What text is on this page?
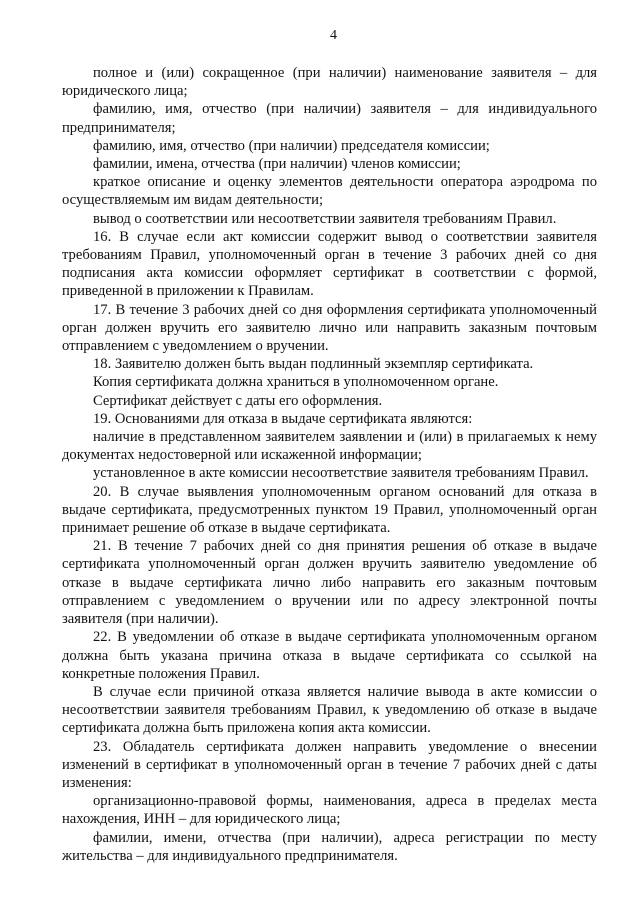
4

полное и (или) сокращенное (при наличии) наименование заявителя – для юридического лица;

фамилию, имя, отчество (при наличии) заявителя – для индивидуального предпринимателя;

фамилию, имя, отчество (при наличии) председателя комиссии;

фамилии, имена, отчества (при наличии) членов комиссии;

краткое описание и оценку элементов деятельности оператора аэродрома по осуществляемым им видам деятельности;

вывод о соответствии или несоответствии заявителя требованиям Правил.

16. В случае если акт комиссии содержит вывод о соответствии заявителя требованиям Правил, уполномоченный орган в течение 3 рабочих дней со дня подписания акта комиссии оформляет сертификат в соответствии с формой, приведенной в приложении к Правилам.

17. В течение 3 рабочих дней со дня оформления сертификата уполномоченный орган должен вручить его заявителю лично или направить заказным почтовым отправлением с уведомлением о вручении.

18. Заявителю должен быть выдан подлинный экземпляр сертификата.

Копия сертификата должна храниться в уполномоченном органе.

Сертификат действует с даты его оформления.

19. Основаниями для отказа в выдаче сертификата являются:

наличие в представленном заявителем заявлении и (или) в прилагаемых к нему документах недостоверной или искаженной информации;

установленное в акте комиссии несоответствие заявителя требованиям Правил.

20. В случае выявления уполномоченным органом оснований для отказа в выдаче сертификата, предусмотренных пунктом 19 Правил, уполномоченный орган принимает решение об отказе в выдаче сертификата.

21. В течение 7 рабочих дней со дня принятия решения об отказе в выдаче сертификата уполномоченный орган должен вручить заявителю уведомление об отказе в выдаче сертификата лично либо направить его заказным почтовым отправлением с уведомлением о вручении или по адресу электронной почты заявителя (при наличии).

22. В уведомлении об отказе в выдаче сертификата уполномоченным органом должна быть указана причина отказа в выдаче сертификата со ссылкой на конкретные положения Правил.

В случае если причиной отказа является наличие вывода в акте комиссии о несоответствии заявителя требованиям Правил, к уведомлению об отказе в выдаче сертификата должна быть приложена копия акта комиссии.

23. Обладатель сертификата должен направить уведомление о внесении изменений в сертификат в уполномоченный орган в течение 7 рабочих дней с даты изменения:

организационно-правовой формы, наименования, адреса в пределах места нахождения, ИНН – для юридического лица;

фамилии, имени, отчества (при наличии), адреса регистрации по месту жительства – для индивидуального предпринимателя.
